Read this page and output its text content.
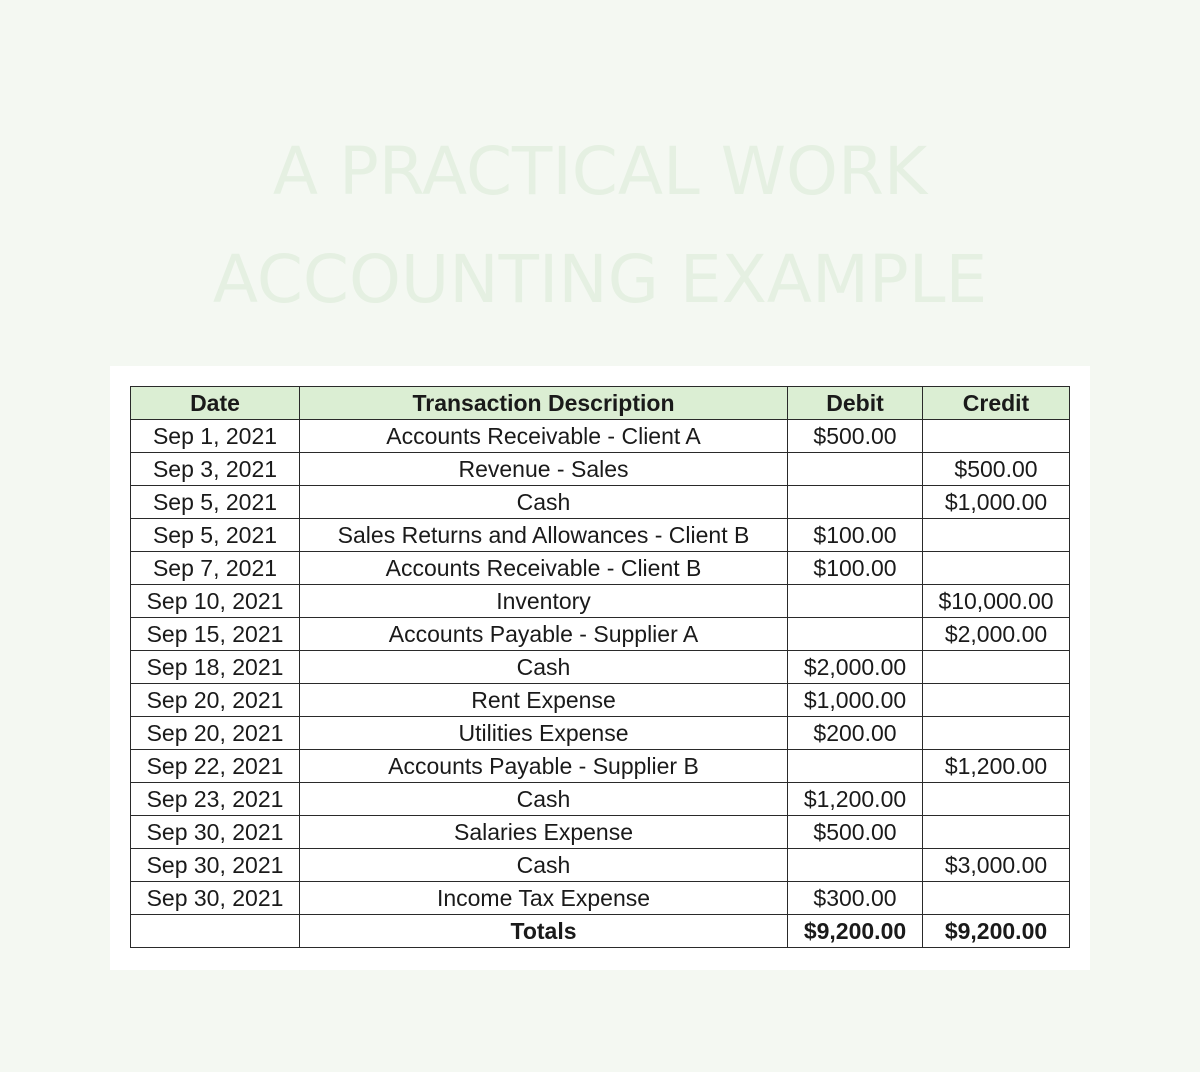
A PRACTICAL WORK
ACCOUNTING EXAMPLE
Date	Transaction Description	Debit	Credit
Sep 1, 2021	Accounts Receivable - Client A	$500.00	
Sep 3, 2021	Revenue - Sales		$500.00
Sep 5, 2021	Cash		$1,000.00
Sep 5, 2021	Sales Returns and Allowances - Client B	$100.00	
Sep 7, 2021	Accounts Receivable - Client B	$100.00	
Sep 10, 2021	Inventory		$10,000.00
Sep 15, 2021	Accounts Payable - Supplier A		$2,000.00
Sep 18, 2021	Cash	$2,000.00	
Sep 20, 2021	Rent Expense	$1,000.00	
Sep 20, 2021	Utilities Expense	$200.00	
Sep 22, 2021	Accounts Payable - Supplier B		$1,200.00
Sep 23, 2021	Cash	$1,200.00	
Sep 30, 2021	Salaries Expense	$500.00	
Sep 30, 2021	Cash		$3,000.00
Sep 30, 2021	Income Tax Expense	$300.00	
	Totals	$9,200.00	$9,200.00
